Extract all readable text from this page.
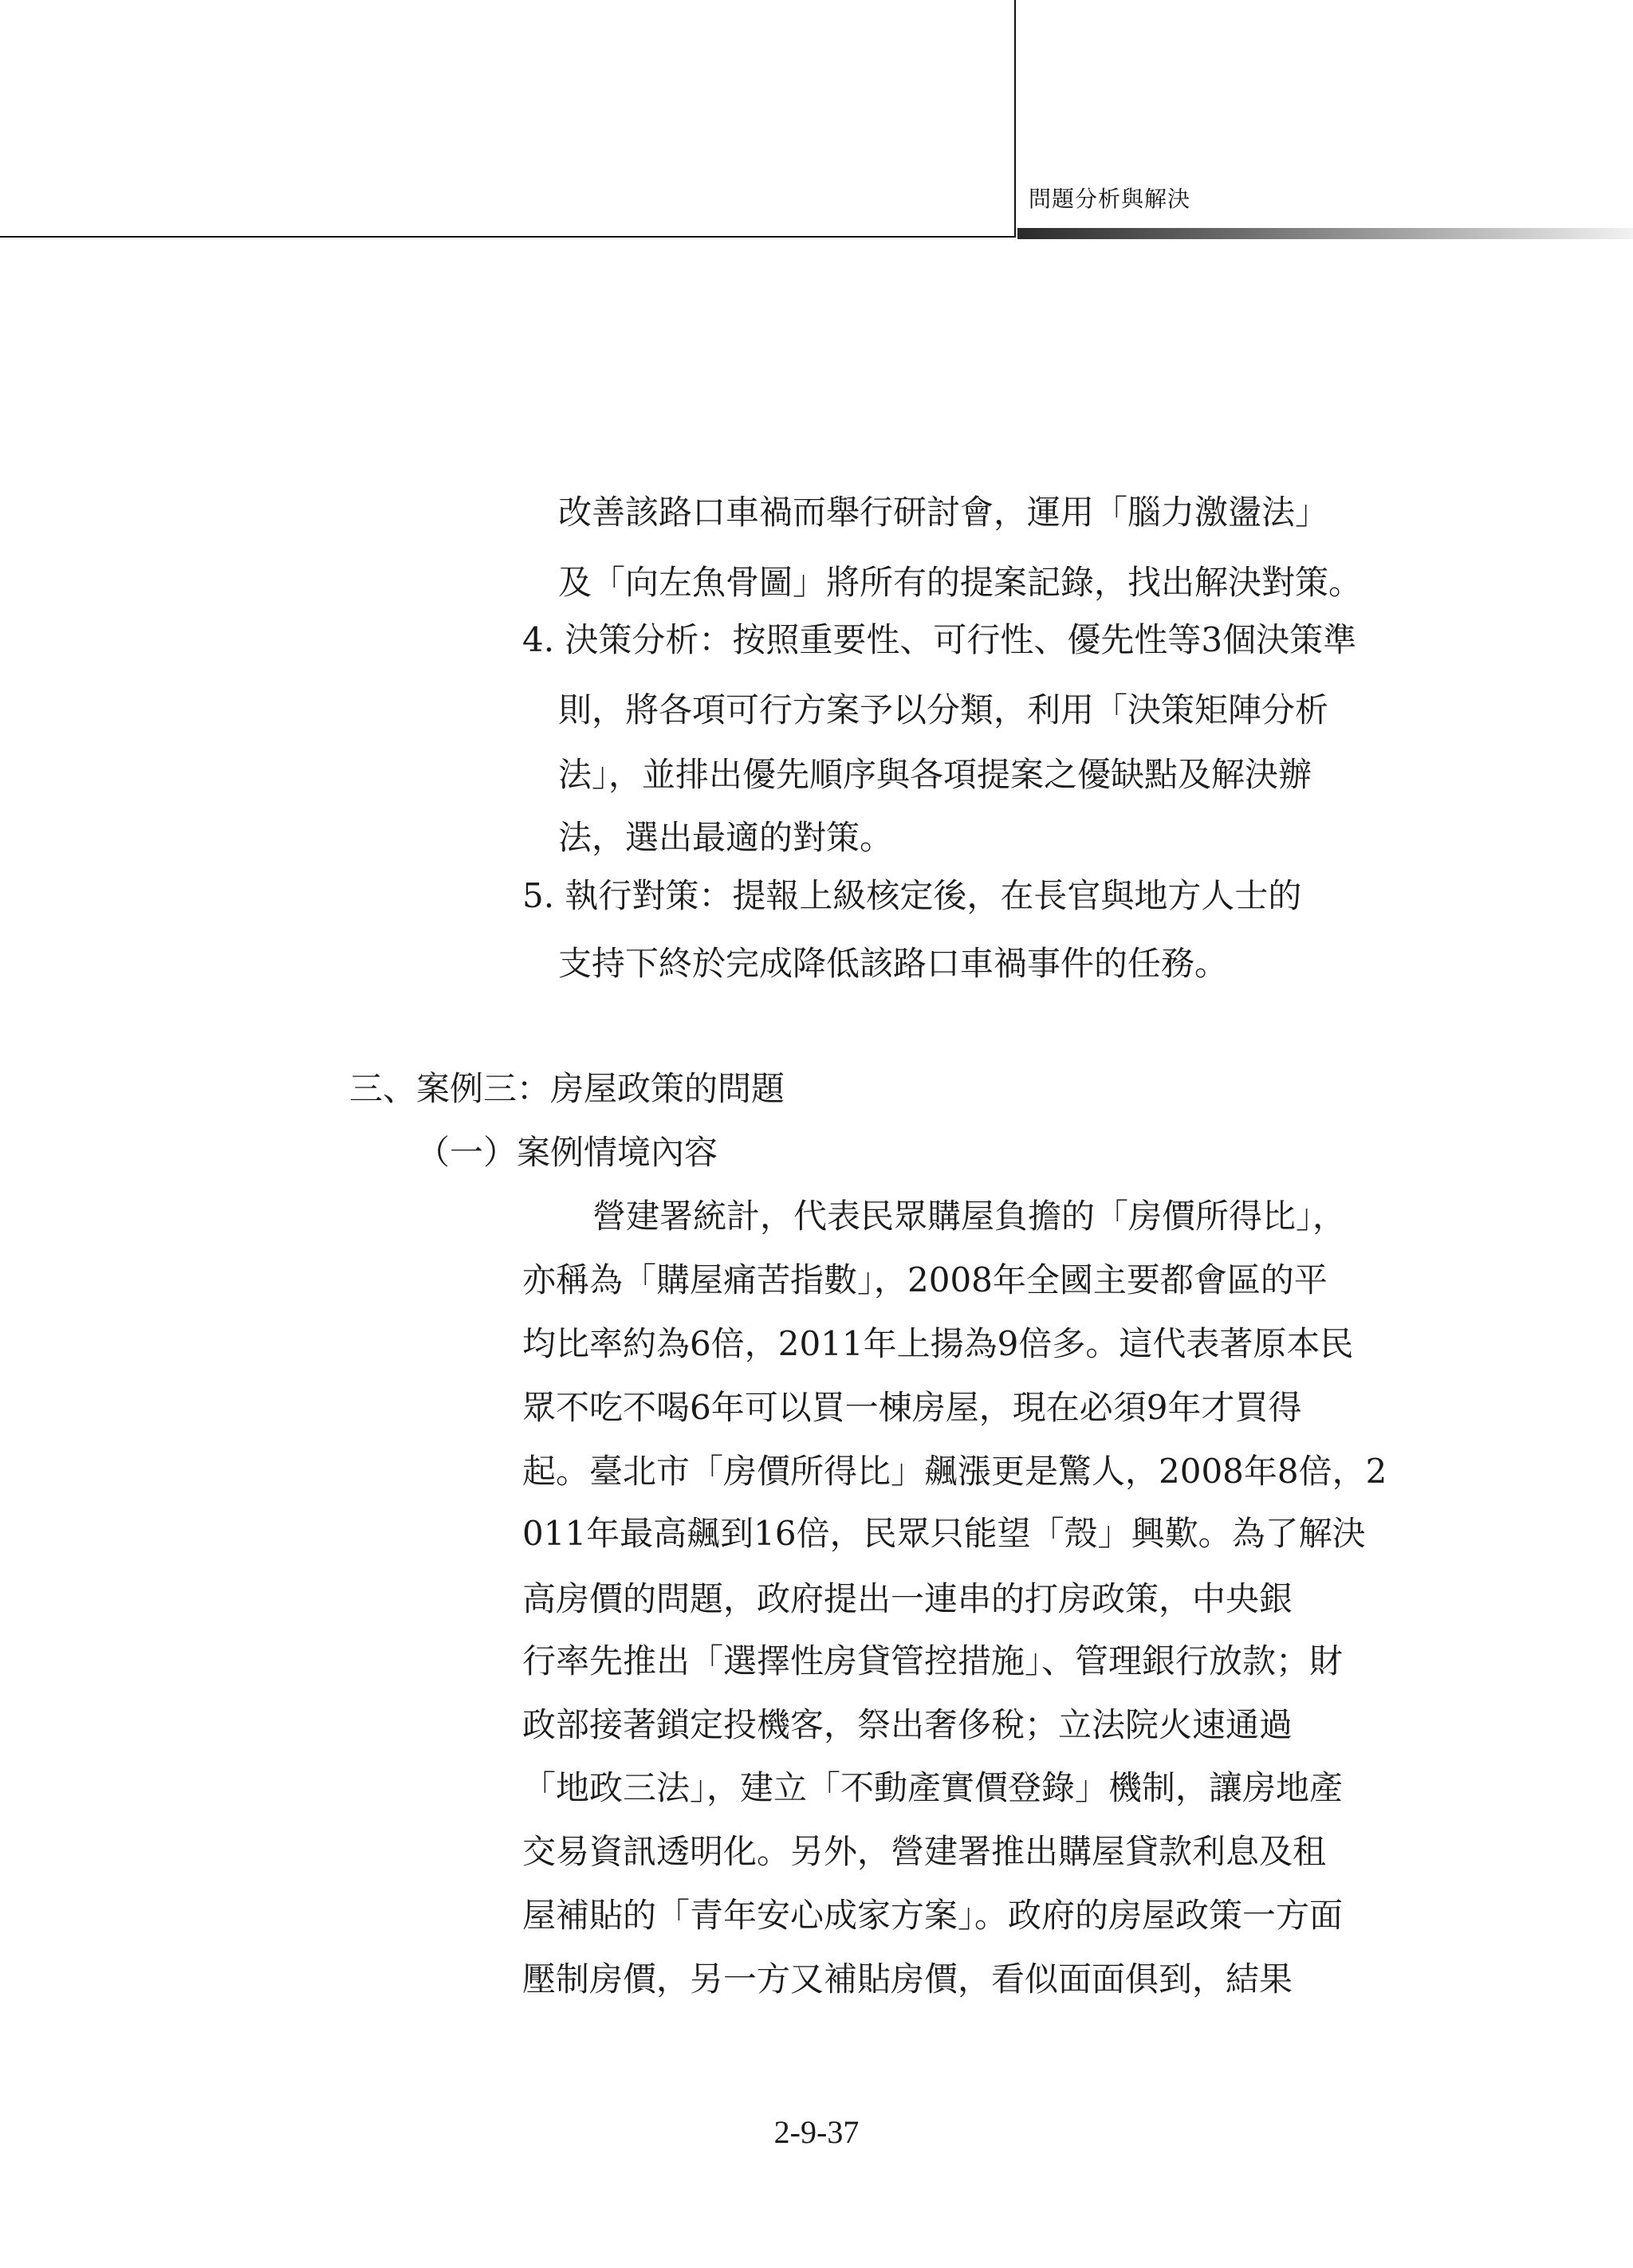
問題分析與解決
改善該路口車禍而舉行研討會，運用「腦力激盪法」
及「向左魚骨圖」將所有的提案記錄，找出解決對策。
4. 決策分析：按照重要性、可行性、優先性等3個決策準
則，將各項可行方案予以分類，利用「決策矩陣分析
法」，並排出優先順序與各項提案之優缺點及解決辦
法，選出最適的對策。
5. 執行對策：提報上級核定後，在長官與地方人士的
支持下終於完成降低該路口車禍事件的任務。
三、案例三：房屋政策的問題
（一）案例情境內容
營建署統計，代表民眾購屋負擔的「房價所得比」，
亦稱為「購屋痛苦指數」，2008年全國主要都會區的平
均比率約為6倍，2011年上揚為9倍多。這代表著原本民
眾不吃不喝6年可以買一棟房屋，現在必須9年才買得
起。臺北市「房價所得比」飆漲更是驚人，2008年8倍，2
011年最高飆到16倍，民眾只能望「殼」興歎。為了解決
高房價的問題，政府提出一連串的打房政策，中央銀
行率先推出「選擇性房貸管控措施」、管理銀行放款；財
政部接著鎖定投機客，祭出奢侈稅；立法院火速通過
「地政三法」，建立「不動產實價登錄」機制，讓房地產
交易資訊透明化。另外，營建署推出購屋貸款利息及租
屋補貼的「青年安心成家方案」。政府的房屋政策一方面
壓制房價，另一方又補貼房價，看似面面俱到，結果
2-9-37
